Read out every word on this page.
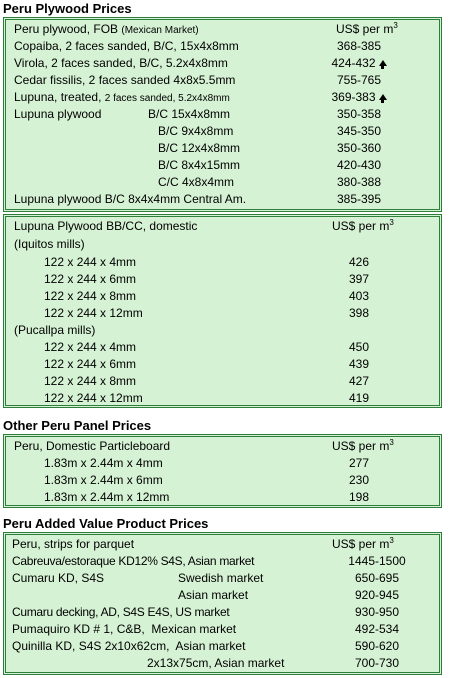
Peru Plywood Prices
Peru plywood, FOB (Mexican Market)	US$ per $m^3$
Copaiba, 2 faces sanded, B/C, 15x4x8mm	368-385
Virola, 2 faces sanded, B/C, 5.2x4x8mm	424-432
Cedar fissilis, 2 faces sanded 4x8x5.5mm	755-765
Lupuna, treated, 2 faces sanded, 5.2x4x8mm	369-383
Lupuna plywood	B/C 15x4x8mm	350-358
B/C 9x4x8mm	345-350
B/C 12x4x8mm	350-360
B/C 8x4x15mm	420-430
C/C 4x8x4mm	380-388
Lupuna plywood B/C 8x4x4mm Central Am.	385-395
Lupuna Plywood BB/CC, domestic	US$ per $m^3$
(Iquitos mills)
122 x 244 x 4mm	426
122 x 244 x 6mm	397
122 x 244 x 8mm	403
122 x 244 x 12mm	398
(Pucallpa mills)
122 x 244 x 4mm	450
122 x 244 x 6mm	439
122 x 244 x 8mm	427
122 x 244 x 12mm	419
Other Peru Panel Prices
Peru, Domestic Particleboard	US$ per $m^3$
1.83m x 2.44m x 4mm	277
1.83m x 2.44m x 6mm	230
1.83m x 2.44m x 12mm	198
Peru Added Value Product Prices
Peru, strips for parquet	US$ per $m^3$
Cabreuva/estoraque KD12% S4S, Asian market	1445-1500
Cumaru KD, S4S	Swedish market	650-695
Asian market	920-945
Cumaru decking, AD, S4S E4S, US market	930-950
Pumaquiro KD # 1, C&B,  Mexican market	492-534
Quinilla KD, S4S 2x10x62cm,  Asian market	590-620
2x13x75cm, Asian market	700-730
